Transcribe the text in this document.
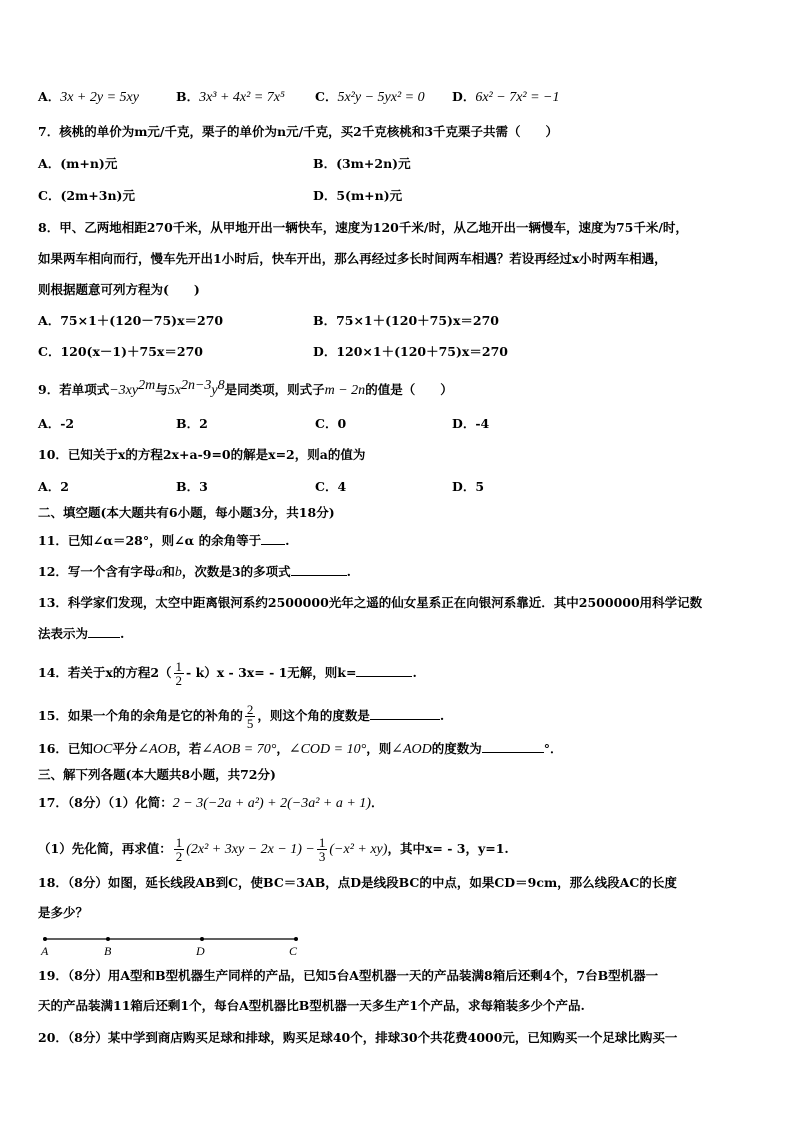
A．3x + 2y = 5xy	B．3x³ + 4x² = 7x⁵ C．5x²y − 5yx² = 0 D．6x² − 7x² = −1
7．核桃的单价为m元/千克，栗子的单价为n元/千克，买2千克核桃和3千克栗子共需（　　）
A．(m+n)元	B．(3m+2n)元
C．(2m+3n)元	D．5(m+n)元
8．甲、乙两地相距270千米，从甲地开出一辆快车，速度为120千米/时，从乙地开出一辆慢车，速度为75千米/时，
如果两车相向而行，慢车先开出1小时后，快车开出，那么再经过多长时间两车相遇？若设再经过x小时两车相遇，
则根据题意可列方程为(　　)
A．75×1＋(120－75)x＝270	B．75×1＋(120＋75)x＝270
C．120(x－1)＋75x＝270	D．120×1＋(120＋75)x＝270
9．若单项式$-3xy^{2m}$与$5x^{2n-3}y^8$是同类项，则式子m − 2n的值是（　　）
A．-2	B．2	C．0	D．-4
10．已知关于x的方程2x+a-9=0的解是x=2，则a的值为
A．2	B．3	C．4	D．5
二、填空题(本大题共有6小题，每小题3分，共18分)
11．已知∠α＝28°，则∠α 的余角等于 .
12．写一个含有字母a和b，次数是3的多项式	.
13．科学家们发现，太空中距离银河系约2500000光年之遥的仙女星系正在向银河系靠近．其中2500000用科学记数
法表示为	.
14．若关于x的方程$2( \frac{1}{2} - k)x - 3x= - 1$无解，则k=	.
15．如果一个角的余角是它的补角的 $\frac{2}{5}$ ，则这个角的度数是	.
16．已知OC平分∠AOB，若∠AOB = 70°，∠COD = 10°，则∠AOD的度数为	°．
三、解下列各题(本大题共8小题，共72分)
17．（8分）（1）化简：2 − 3(−2a + a²) + 2(−3a² + a + 1)．
（1）先化简，再求值： $\frac{1}{2} (2x^2 + 3xy - 2x - 1) - \frac{1}{3} (-x^2 + xy)$，其中x= - 3，y=1.
18．（8分）如图，延长线段AB到C，使BC＝3AB，点D是线段BC的中点，如果CD＝9cm，那么线段AC的长度
是多少？
A	B	D	C
19．（8分）用A型和B型机器生产同样的产品，已知5台A型机器一天的产品装满8箱后还剩4个，7台B型机器一
天的产品装满11箱后还剩1个，每台A型机器比B型机器一天多生产1个产品，求每箱装多少个产品.
20．（8分）某中学到商店购买足球和排球，购买足球40个，排球30个共花费4000元，已知购买一个足球比购买一
